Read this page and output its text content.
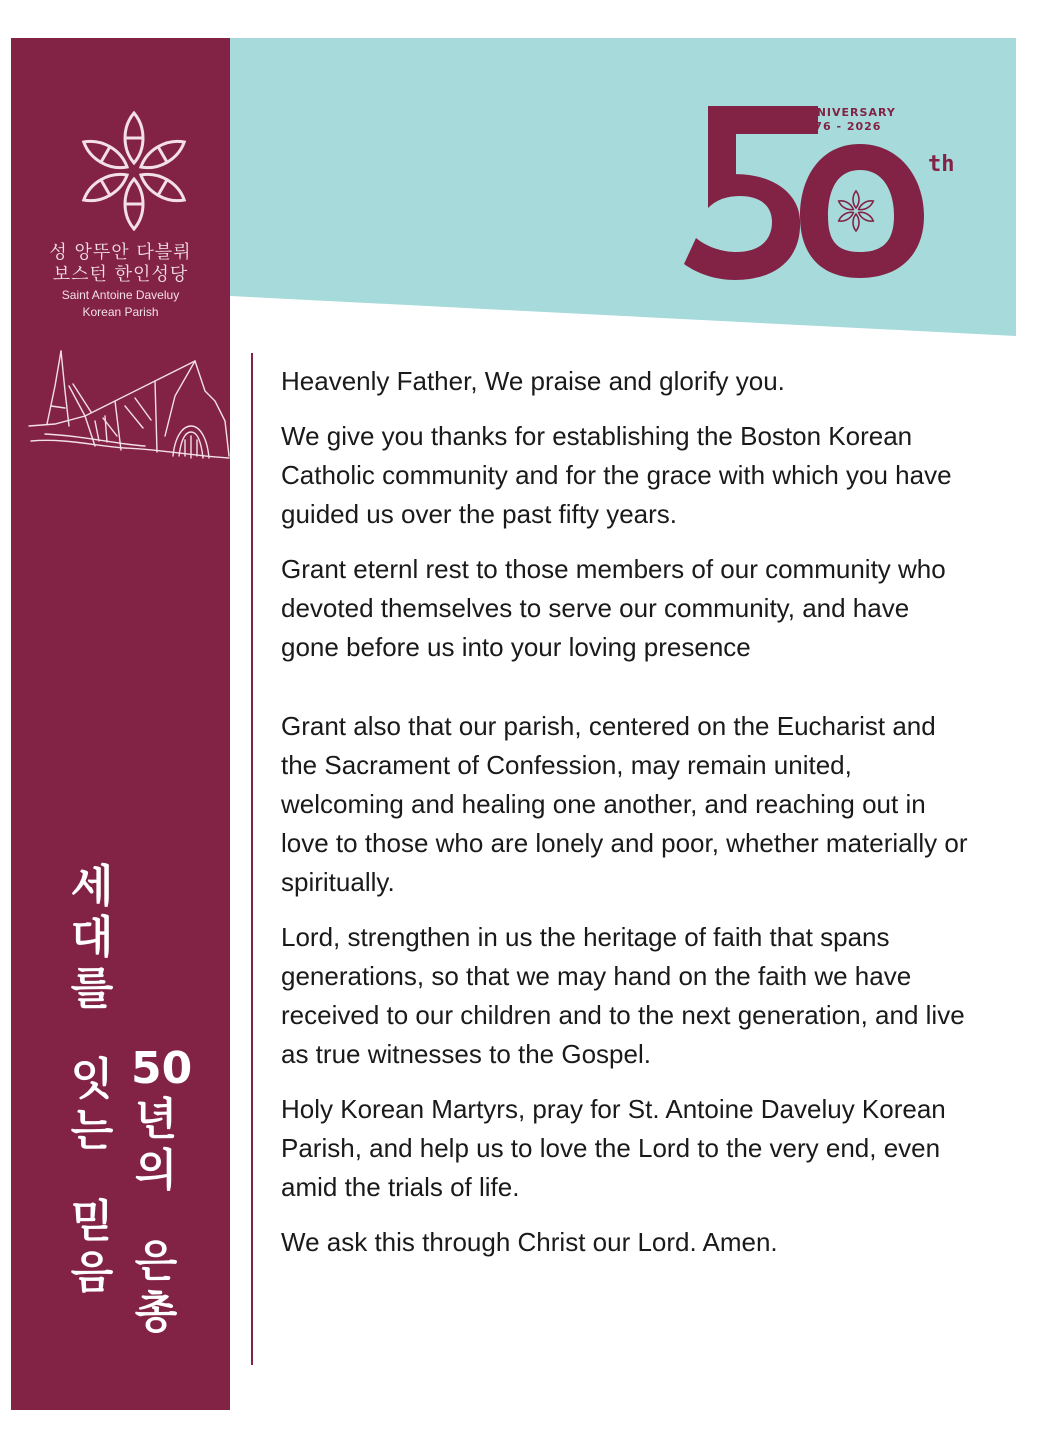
성 앙뚜안 다블뤼
보스턴 한인성당
Saint Antoine Daveluy
Korean Parish
세
대
를
잇
는
믿
음
50
년
의
은
총
ANNIVERSARY
1976 - 2026
th

Heavenly Father, We praise and glorify you.

We give you thanks for establishing the Boston Korean Catholic community and for the grace with which you have guided us over the past fifty years.

Grant eternl rest to those members of our community who devoted themselves to serve our community, and have gone before us into your loving presence

Grant also that our parish, centered on the Eucharist and the Sacrament of Confession, may remain united, welcoming and healing one another, and reaching out in love to those who are lonely and poor, whether materially or spiritually.

Lord, strengthen in us the heritage of faith that spans generations, so that we may hand on the faith we have received to our children and to the next generation, and live as true witnesses to the Gospel.

Holy Korean Martyrs, pray for St. Antoine Daveluy Korean Parish, and help us to love the Lord to the very end, even amid the trials of life.

We ask this through Christ our Lord. Amen.
